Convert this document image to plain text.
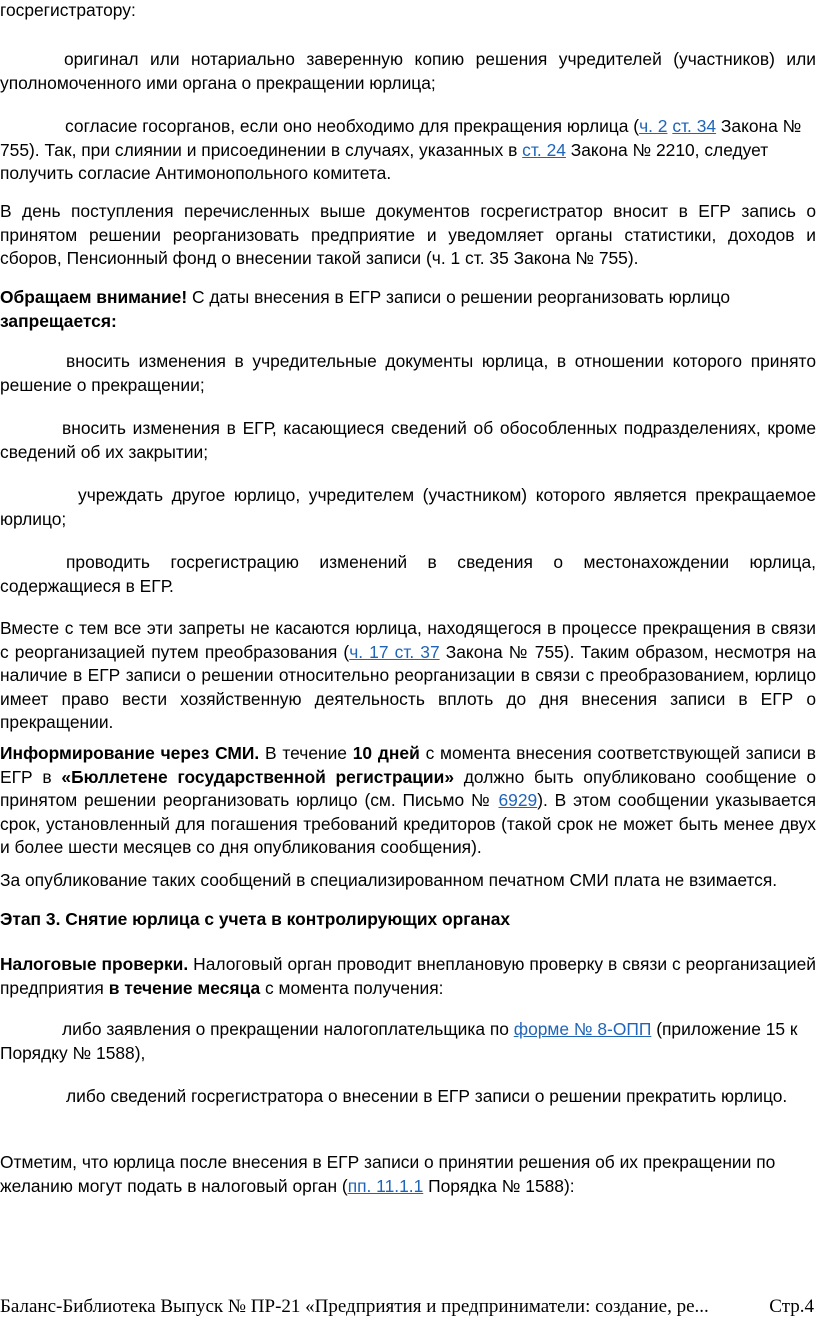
госрегистратору:

оригинал или нотариально заверенную копию решения учредителей (участников) или уполномоченного ими органа о прекращении юрлица;

согласие госорганов, если оно необходимо для прекращения юрлица (ч. 2 ст. 34 Закона № 755). Так, при слиянии и присоединении в случаях, указанных в ст. 24 Закона № 2210, следует получить согласие Антимонопольного комитета.

В день поступления перечисленных выше документов госрегистратор вносит в ЕГР запись о принятом решении реорганизовать предприятие и уведомляет органы статистики, доходов и сборов, Пенсионный фонд о внесении такой записи (ч. 1 ст. 35 Закона № 755).

Обращаем внимание! С даты внесения в ЕГР записи о решении реорганизовать юрлицо запрещается:

вносить изменения в учредительные документы юрлица, в отношении которого принято решение о прекращении;

вносить изменения в ЕГР, касающиеся сведений об обособленных подразделениях, кроме сведений об их закрытии;

учреждать другое юрлицо, учредителем (участником) которого является прекращаемое юрлицо;

проводить госрегистрацию изменений в сведения о местонахождении юрлица, содержащиеся в ЕГР.

Вместе с тем все эти запреты не касаются юрлица, находящегося в процессе прекращения в связи с реорганизацией путем преобразования (ч. 17 ст. 37 Закона № 755). Таким образом, несмотря на наличие в ЕГР записи о решении относительно реорганизации в связи с преобразованием, юрлицо имеет право вести хозяйственную деятельность вплоть до дня внесения записи в ЕГР о прекращении.

Информирование через СМИ. В течение 10 дней с момента внесения соответствующей записи в ЕГР в «Бюллетене государственной регистрации» должно быть опубликовано сообщение о принятом решении реорганизовать юрлицо (см. Письмо № 6929). В этом сообщении указывается срок, установленный для погашения требований кредиторов (такой срок не может быть менее двух и более шести месяцев со дня опубликования сообщения).

За опубликование таких сообщений в специализированном печатном СМИ плата не взимается.

Этап 3. Снятие юрлица с учета в контролирующих органах

Налоговые проверки. Налоговый орган проводит внеплановую проверку в связи с реорганизацией предприятия в течение месяца с момента получения:

либо заявления о прекращении налогоплательщика по форме № 8-ОПП (приложение 15 к Порядку № 1588),

либо сведений госрегистратора о внесении в ЕГР записи о решении прекратить юрлицо.

Отметим, что юрлица после внесения в ЕГР записи о принятии решения об их прекращении по желанию могут подать в налоговый орган (пп. 11.1.1 Порядка № 1588):

Баланс-Библиотека Выпуск № ПР-21 «Предприятия и предприниматели: создание, ре...	Стр.4
